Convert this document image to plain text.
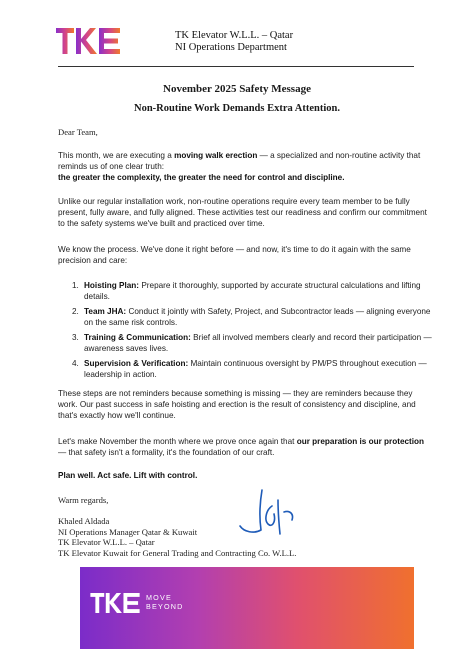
TK Elevator W.L.L. – Qatar
NI Operations Department
November 2025 Safety Message
Non-Routine Work Demands Extra Attention.
Dear Team,
This month, we are executing a moving walk erection — a specialized and non-routine activity that reminds us of one clear truth:
the greater the complexity, the greater the need for control and discipline.
Unlike our regular installation work, non-routine operations require every team member to be fully present, fully aware, and fully aligned. These activities test our readiness and confirm our commitment to the safety systems we've built and practiced over time.
We know the process. We've done it right before — and now, it's time to do it again with the same precision and care:
1. Hoisting Plan: Prepare it thoroughly, supported by accurate structural calculations and lifting details.
2. Team JHA: Conduct it jointly with Safety, Project, and Subcontractor leads — aligning everyone on the same risk controls.
3. Training & Communication: Brief all involved members clearly and record their participation — awareness saves lives.
4. Supervision & Verification: Maintain continuous oversight by PM/PS throughout execution — leadership in action.
These steps are not reminders because something is missing — they are reminders because they work. Our past success in safe hoisting and erection is the result of consistency and discipline, and that's exactly how we'll continue.
Let's make November the month where we prove once again that our preparation is our protection — that safety isn't a formality, it's the foundation of our craft.
Plan well. Act safe. Lift with control.
Warm regards,
Khaled Aldada
NI Operations Manager Qatar & Kuwait
TK Elevator W.L.L. – Qatar
TK Elevator Kuwait for General Trading and Contracting Co. W.L.L.
MOVE
BEYOND
